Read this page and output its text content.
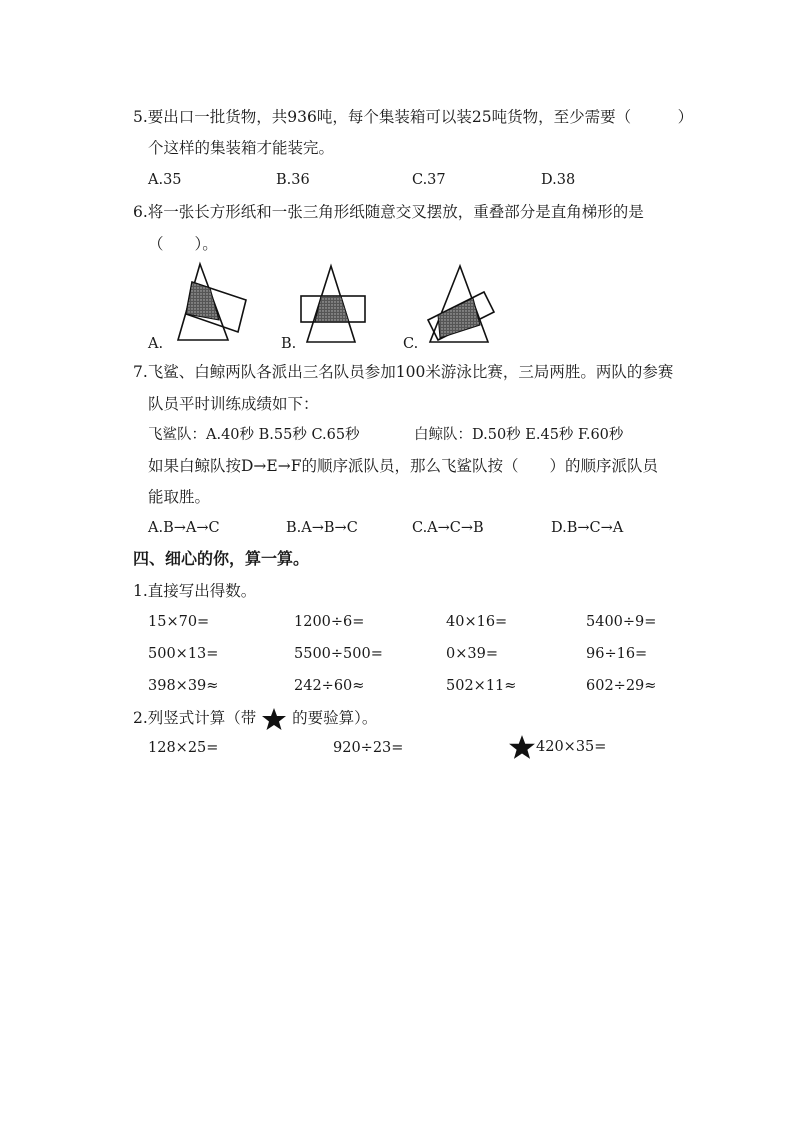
5.要出口一批货物，共936吨，每个集装箱可以装25吨货物，至少需要（　　　）
个这样的集装箱才能装完。
A.35	B.36	C.37	D.38
6.将一张长方形纸和一张三角形纸随意交叉摆放，重叠部分是直角梯形的是
（　　）。
A.	B.	C.
7.飞鲨、白鲸两队各派出三名队员参加100米游泳比赛，三局两胜。两队的参赛
队员平时训练成绩如下：
飞鲨队：A.40秒 B.55秒 C.65秒	白鲸队：D.50秒 E.45秒 F.60秒
如果白鲸队按D→E→F的顺序派队员，那么飞鲨队按（　　）的顺序派队员
能取胜。
A.B→A→C	B.A→B→C	C.A→C→B	D.B→C→A
四、细心的你，算一算。
1.直接写出得数。
15×70=	1200÷6=	40×16=	5400÷9=
500×13=	5500÷500=	0×39=	96÷16=
398×39≈	242÷60≈	502×11≈	602÷29≈
2.列竖式计算（带 的要验算）。
128×25=	920÷23=	420×35=
